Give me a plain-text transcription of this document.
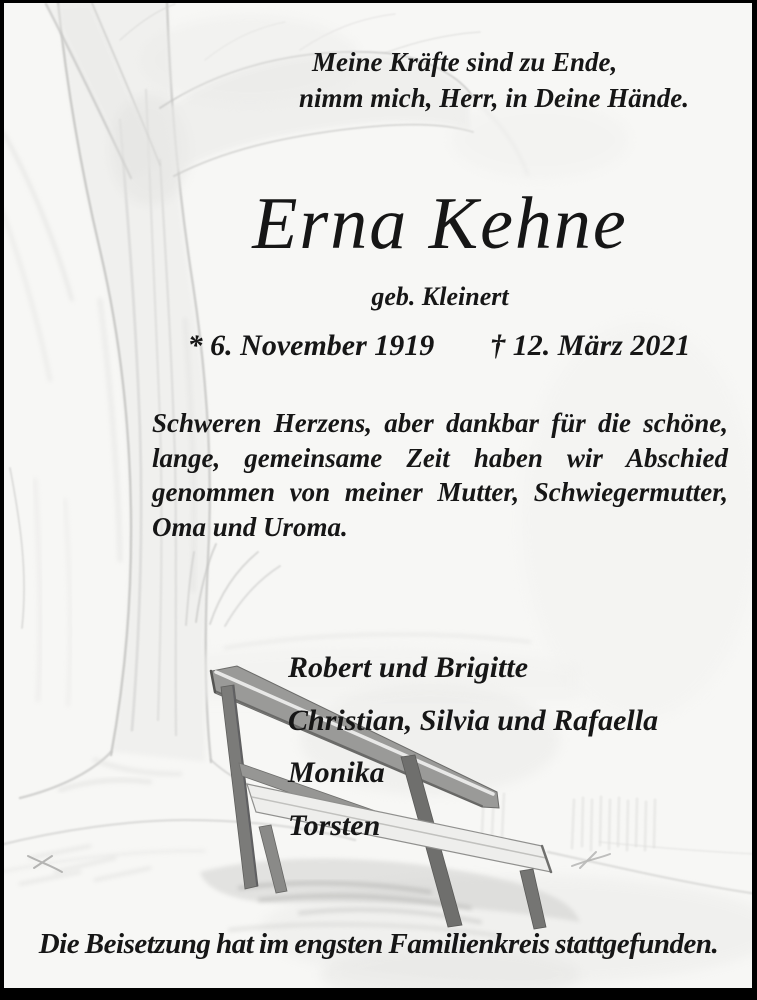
Meine Kräfte sind zu Ende,
nimm mich, Herr, in Deine Hände.
Erna Kehne
geb. Kleinert
* 6. November 1919 † 12. März 2021
Schweren Herzens, aber dankbar für die schöne,
lange, gemeinsame Zeit haben wir Abschied
genommen von meiner Mutter, Schwiegermutter,
Oma und Uroma.
Robert und Brigitte
Christian, Silvia und Rafaella
Monika
Torsten
Die Beisetzung hat im engsten Familienkreis stattgefunden.
